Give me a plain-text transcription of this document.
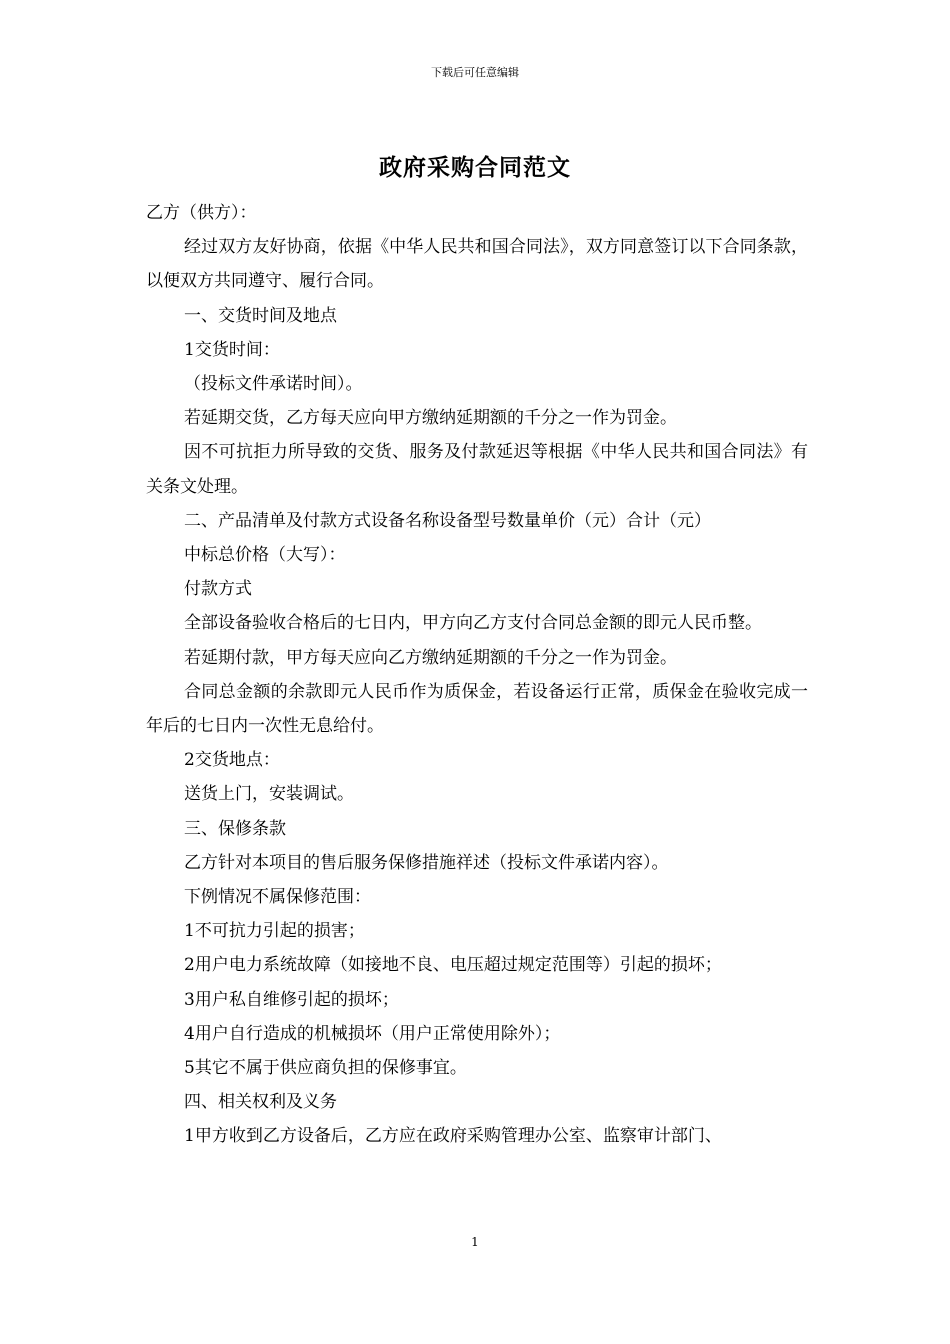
下载后可任意编辑
政府采购合同范文

乙方（供方）：

经过双方友好协商，依据《中华人民共和国合同法》，双方同意签订以下合同条款，以便双方共同遵守、履行合同。

一、交货时间及地点

1交货时间：

（投标文件承诺时间）。

若延期交货，乙方每天应向甲方缴纳延期额的千分之一作为罚金。

因不可抗拒力所导致的交货、服务及付款延迟等根据《中华人民共和国合同法》有关条文处理。

二、产品清单及付款方式设备名称设备型号数量单价（元）合计（元）

中标总价格（大写）：

付款方式

全部设备验收合格后的七日内，甲方向乙方支付合同总金额的即元人民币整。

若延期付款，甲方每天应向乙方缴纳延期额的千分之一作为罚金。

合同总金额的余款即元人民币作为质保金，若设备运行正常，质保金在验收完成一年后的七日内一次性无息给付。

2交货地点：

送货上门，安装调试。

三、保修条款

乙方针对本项目的售后服务保修措施祥述（投标文件承诺内容）。

下例情况不属保修范围：

1不可抗力引起的损害；

2用户电力系统故障（如接地不良、电压超过规定范围等）引起的损坏；

3用户私自维修引起的损坏；

4用户自行造成的机械损坏（用户正常使用除外）；

5其它不属于供应商负担的保修事宜。

四、相关权利及义务

1甲方收到乙方设备后，乙方应在政府采购管理办公室、监察审计部门、

1
